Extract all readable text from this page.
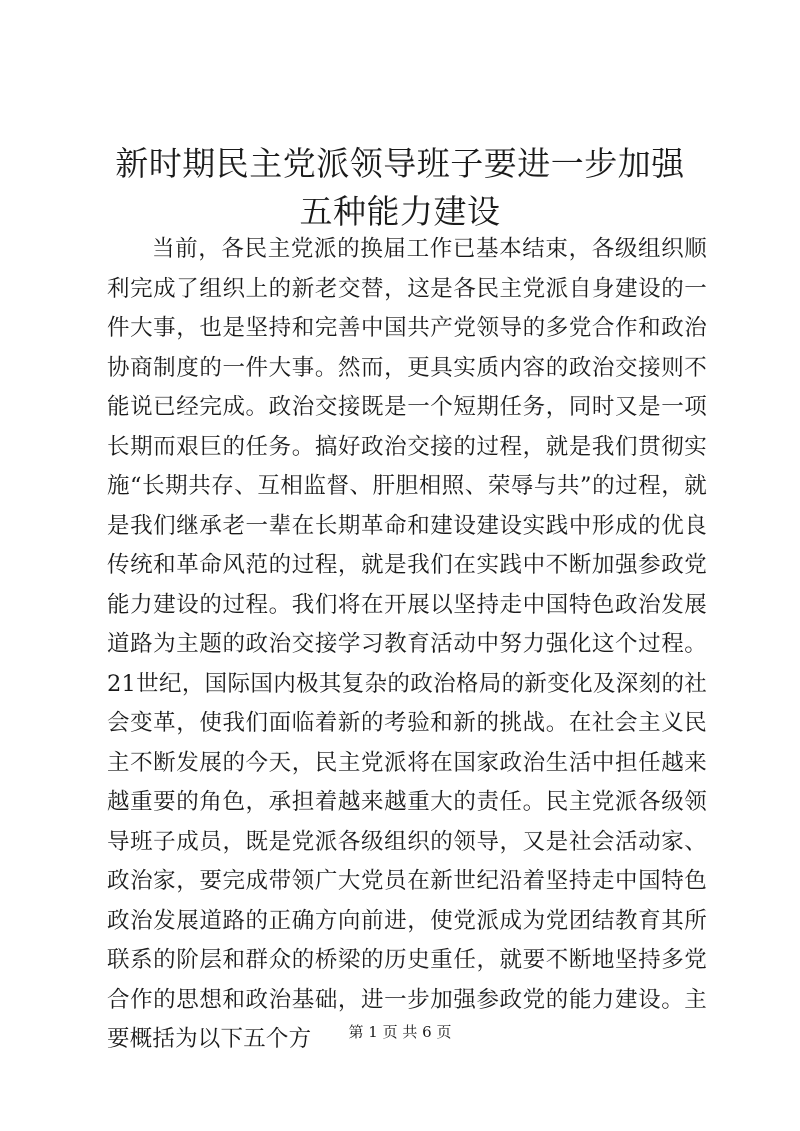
新时期民主党派领导班子要进一步加强五种能力建设

当前，各民主党派的换届工作已基本结束，各级组织顺利完成了组织上的新老交替，这是各民主党派自身建设的一件大事，也是坚持和完善中国共产党领导的多党合作和政治协商制度的一件大事。然而，更具实质内容的政治交接则不能说已经完成。政治交接既是一个短期任务，同时又是一项长期而艰巨的任务。搞好政治交接的过程，就是我们贯彻实施“长期共存、互相监督、肝胆相照、荣辱与共”的过程，就是我们继承老一辈在长期革命和建设建设实践中形成的优良传统和革命风范的过程，就是我们在实践中不断加强参政党能力建设的过程。我们将在开展以坚持走中国特色政治发展道路为主题的政治交接学习教育活动中努力强化这个过程。21世纪，国际国内极其复杂的政治格局的新变化及深刻的社会变革，使我们面临着新的考验和新的挑战。在社会主义民主不断发展的今天，民主党派将在国家政治生活中担任越来越重要的角色，承担着越来越重大的责任。民主党派各级领导班子成员，既是党派各级组织的领导，又是社会活动家、政治家，要完成带领广大党员在新世纪沿着坚持走中国特色政治发展道路的正确方向前进，使党派成为党团结教育其所联系的阶层和群众的桥梁的历史重任，就要不断地坚持多党合作的思想和政治基础，进一步加强参政党的能力建设。主要概括为以下五个方	第 1 页 共 6 页
